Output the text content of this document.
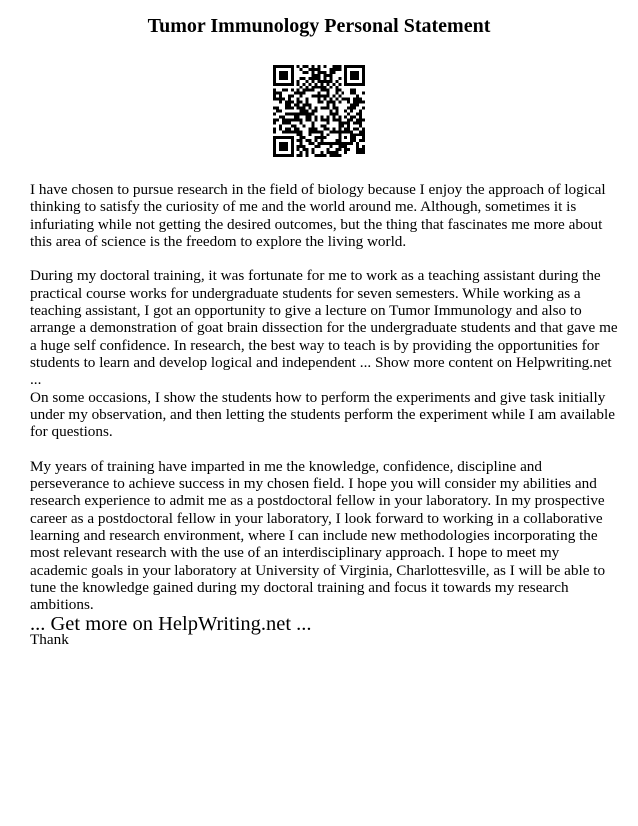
Tumor Immunology Personal Statement

I have chosen to pursue research in the field of biology because I enjoy the approach of logical thinking to satisfy the curiosity of me and the world around me. Although, sometimes it is infuriating while not getting the desired outcomes, but the thing that fascinates me more about this area of science is the freedom to explore the living world.

During my doctoral training, it was fortunate for me to work as a teaching assistant during the practical course works for undergraduate students for seven semesters. While working as a teaching assistant, I got an opportunity to give a lecture on Tumor Immunology and also to arrange a demonstration of goat brain dissection for the undergraduate students and that gave me a huge self confidence. In research, the best way to teach is by providing the opportunities for students to learn and develop logical and independent ... Show more content on Helpwriting.net ...

On some occasions, I show the students how to perform the experiments and give task initially under my observation, and then letting the students perform the experiment while I am available for questions.

My years of training have imparted in me the knowledge, confidence, discipline and perseverance to achieve success in my chosen field. I hope you will consider my abilities and research experience to admit me as a postdoctoral fellow in your laboratory. In my prospective career as a postdoctoral fellow in your laboratory, I look forward to working in a collaborative learning and research environment, where I can include new methodologies incorporating the most relevant research with the use of an interdisciplinary approach. I hope to meet my academic goals in your laboratory at University of Virginia, Charlottesville, as I will be able to tune the knowledge gained during my doctoral training and focus it towards my research ambitions.

Thank

... Get more on HelpWriting.net ...
